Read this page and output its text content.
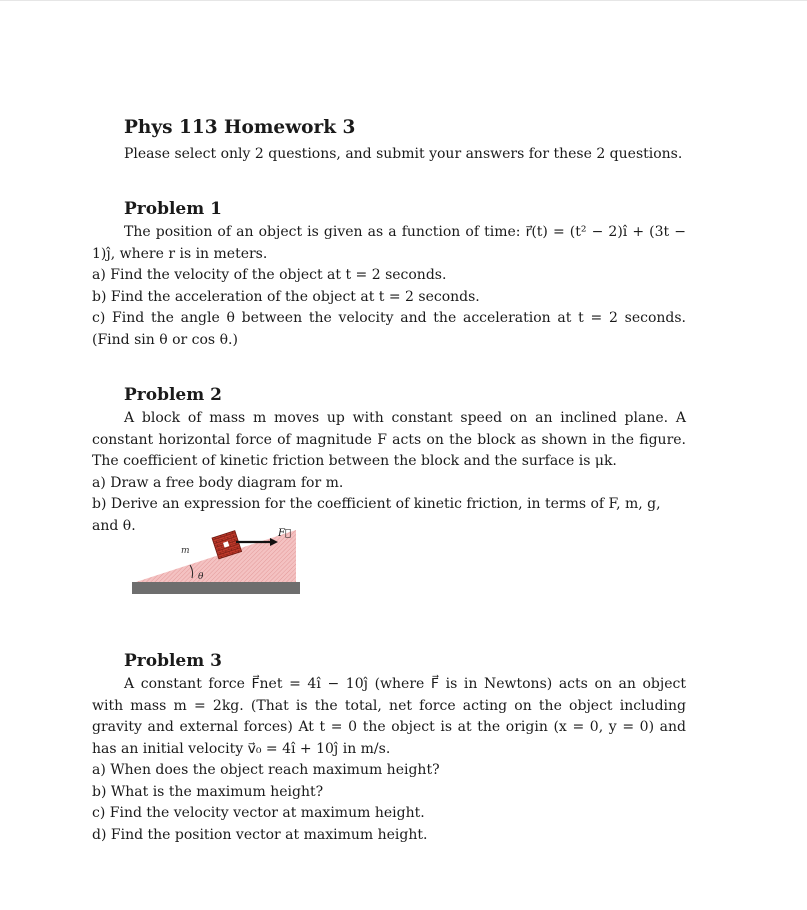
Phys 113 Homework 3
Please select only 2 questions, and submit your answers for these 2 questions.
Problem 1

The position of an object is given as a function of time: r⃗(t) = (t² − 2)î + (3t − 1)ĵ, where r is in meters.

a) Find the velocity of the object at t = 2 seconds.

b) Find the acceleration of the object at t = 2 seconds.

c) Find the angle θ between the velocity and the acceleration at t = 2 seconds. (Find sin θ or cos θ.)

Problem 2

A block of mass m moves up with constant speed on an inclined plane. A constant horizontal force of magnitude F acts on the block as shown in the figure. The coefficient of kinetic friction between the block and the surface is μk.

a) Draw a free body diagram for m.

b) Derive an expression for the coefficient of kinetic friction, in terms of F, m, g, and θ.

θ
F⃗
m
Problem 3

A constant force F⃗net = 4î − 10ĵ (where F⃗ is in Newtons) acts on an object with mass m = 2kg. (That is the total, net force acting on the object including gravity and external forces) At t = 0 the object is at the origin (x = 0, y = 0) and has an initial velocity v⃗₀ = 4î + 10ĵ in m/s.

a) When does the object reach maximum height?

b) What is the maximum height?

c) Find the velocity vector at maximum height.

d) Find the position vector at maximum height.
